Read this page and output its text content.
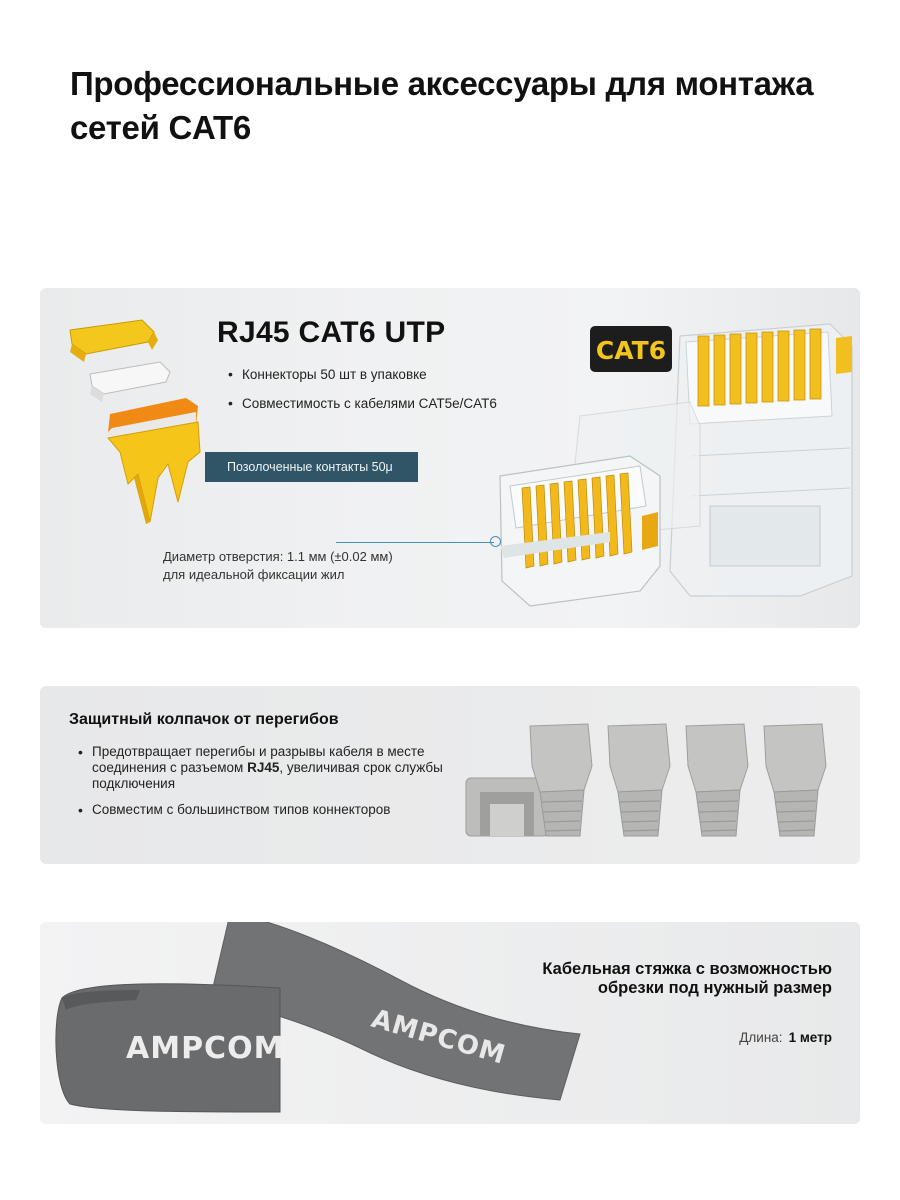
Профессиональные аксессуары для монтажа сетей CAT6
RJ45 CAT6 UTP
• Коннекторы 50 шт в упаковке
• Совместимость с кабелями CAT5e/CAT6
Позолоченные контакты 50μ
CAT6
Диаметр отверстия: 1.1 мм (±0.02 мм)
для идеальной фиксации жил
Защитный колпачок от перегибов
• Предотвращает перегибы и разрывы кабеля в месте соединения с разъемом RJ45, увеличивая срок службы подключения
• Совместим с большинством типов коннекторов
AMPCOM
AMPCOM
Кабельная стяжка с возможностью обрезки под нужный размер
Длина: 1 метр
